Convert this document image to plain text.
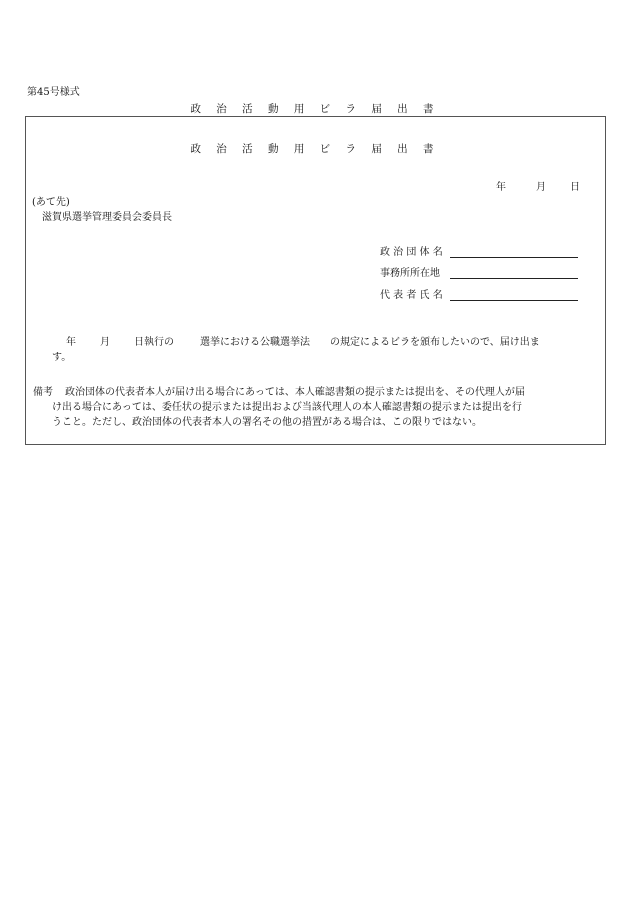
第45号様式
政 治 活 動 用 ビ ラ 届 出 書
政 治 活 動 用 ビ ラ 届 出 書
年	月 日
(あて先)
滋賀県選挙管理委員会委員長
政 治 団 体 名
事務所所在地
代 表 者 氏 名
年 月 日執行の	選挙における公職選挙法 の規定によるビラを頒布したいので、届け出ま
す。
備考 政治団体の代表者本人が届け出る場合にあっては、本人確認書類の提示または提出を、その代理人が届
け出る場合にあっては、委任状の提示または提出および当該代理人の本人確認書類の提示または提出を行
うこと。ただし、政治団体の代表者本人の署名その他の措置がある場合は、この限りではない。
